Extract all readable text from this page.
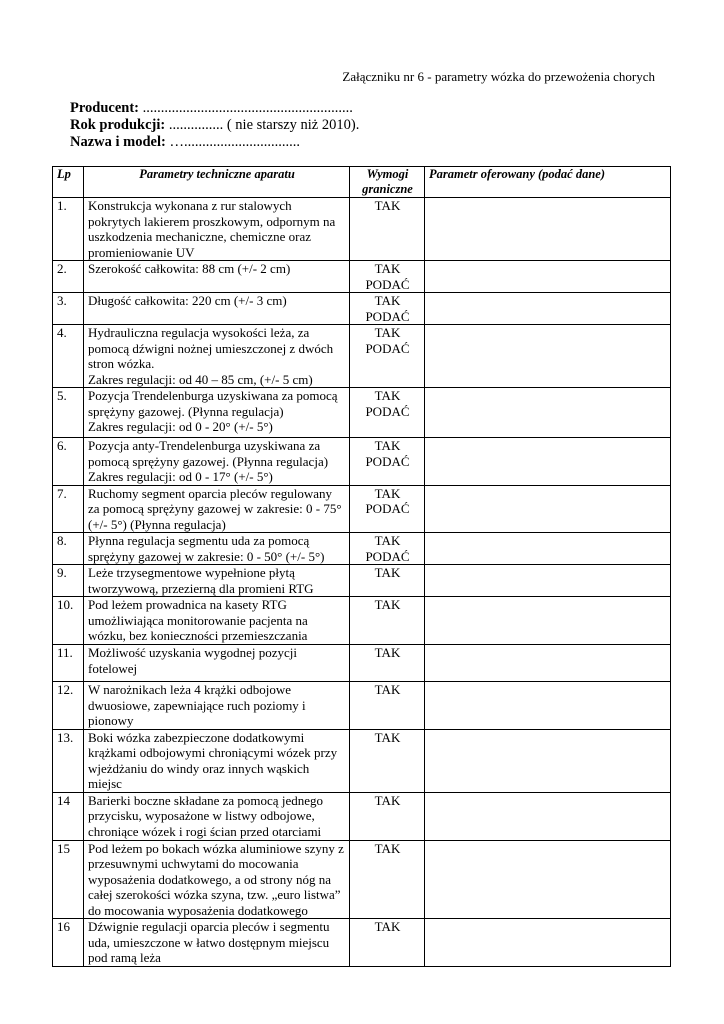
Załączniku nr 6 - parametry wózka do przewożenia chorych
Producent: ..........................................................
Rok produkcji: ............... ( nie starszy niż 2010).
Nazwa i model: …................................
Lp	Parametry techniczne aparatu	Wymogi graniczne	Parametr oferowany (podać dane)
1.	Konstrukcja wykonana z rur stalowych pokrytych lakierem proszkowym, odpornym na uszkodzenia mechaniczne, chemiczne oraz promieniowanie UV	TAK	
2.	Szerokość całkowita: 88 cm (+/- 2 cm)	TAK
PODAĆ	
3.	Długość całkowita: 220 cm (+/- 3 cm)	TAK
PODAĆ	
4.	Hydrauliczna regulacja wysokości leża, za pomocą dźwigni nożnej umieszczonej z dwóch stron wózka.
Zakres regulacji: od 40 – 85 cm, (+/- 5 cm)	TAK
PODAĆ	
5.	Pozycja Trendelenburga uzyskiwana za pomocą sprężyny gazowej. (Płynna regulacja)
Zakres regulacji: od 0 - 20° (+/- 5°)	TAK
PODAĆ	
6.	Pozycja anty-Trendelenburga uzyskiwana za pomocą sprężyny gazowej. (Płynna regulacja)
Zakres regulacji: od 0 - 17° (+/- 5°)	TAK
PODAĆ	
7.	Ruchomy segment oparcia pleców regulowany za pomocą sprężyny gazowej w zakresie: 0 - 75° (+/- 5°) (Płynna regulacja)	TAK
PODAĆ	
8.	Płynna regulacja segmentu uda za pomocą sprężyny gazowej w zakresie: 0 - 50° (+/- 5°)	TAK
PODAĆ	
9.	Leże trzysegmentowe wypełnione płytą tworzywową, przezierną dla promieni RTG	TAK	
10.	Pod leżem prowadnica na kasety RTG umożliwiająca monitorowanie pacjenta na wózku, bez konieczności przemieszczania	TAK	
11.	Możliwość uzyskania wygodnej pozycji fotelowej	TAK	
12.	W narożnikach leża 4 krążki odbojowe dwuosiowe, zapewniające ruch poziomy i pionowy	TAK	
13.	Boki wózka zabezpieczone dodatkowymi krążkami odbojowymi chroniącymi wózek przy wjeżdżaniu do windy oraz innych wąskich miejsc	TAK	
14	Barierki boczne składane za pomocą jednego przycisku, wyposażone w listwy odbojowe, chroniące wózek i rogi ścian przed otarciami	TAK	
15	Pod leżem po bokach wózka aluminiowe szyny z przesuwnymi uchwytami do mocowania wyposażenia dodatkowego, a od strony nóg na całej szerokości wózka szyna, tzw. „euro listwa” do mocowania wyposażenia dodatkowego	TAK	
16	Dźwignie regulacji oparcia pleców i segmentu uda, umieszczone w łatwo dostępnym miejscu pod ramą leża	TAK	
